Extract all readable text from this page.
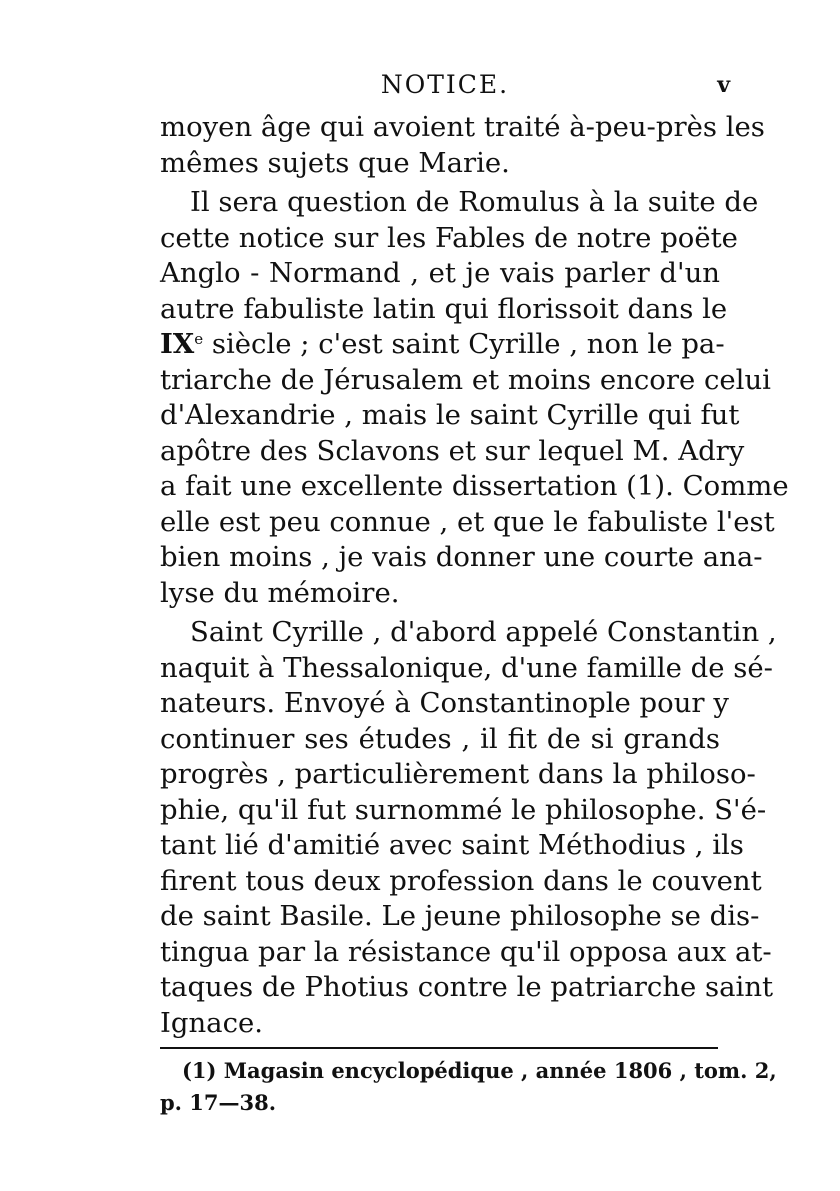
NOTICE.	v
moyen âge qui avoient traité à-peu-près les
mêmes sujets que Marie.
Il sera question de Romulus à la suite de
cette notice sur les Fables de notre poëte
Anglo - Normand , et je vais parler d'un
autre fabuliste latin qui florissoit dans le
IXe siècle ; c'est saint Cyrille , non le pa-
triarche de Jérusalem et moins encore celui
d'Alexandrie , mais le saint Cyrille qui fut
apôtre des Sclavons et sur lequel M. Adry
a fait une excellente dissertation (1). Comme
elle est peu connue , et que le fabuliste l'est
bien moins , je vais donner une courte ana-
lyse du mémoire.
Saint Cyrille , d'abord appelé Constantin ,
naquit à Thessalonique, d'une famille de sé-
nateurs. Envoyé à Constantinople pour y
continuer ses études , il fit de si grands
progrès , particulièrement dans la philoso-
phie, qu'il fut surnommé le philosophe. S'é-
tant lié d'amitié avec saint Méthodius , ils
firent tous deux profession dans le couvent
de saint Basile. Le jeune philosophe se dis-
tingua par la résistance qu'il opposa aux at-
taques de Photius contre le patriarche saint
Ignace.
(1) Magasin encyclopédique , année 1806 , tom. 2,
p. 17—38.
